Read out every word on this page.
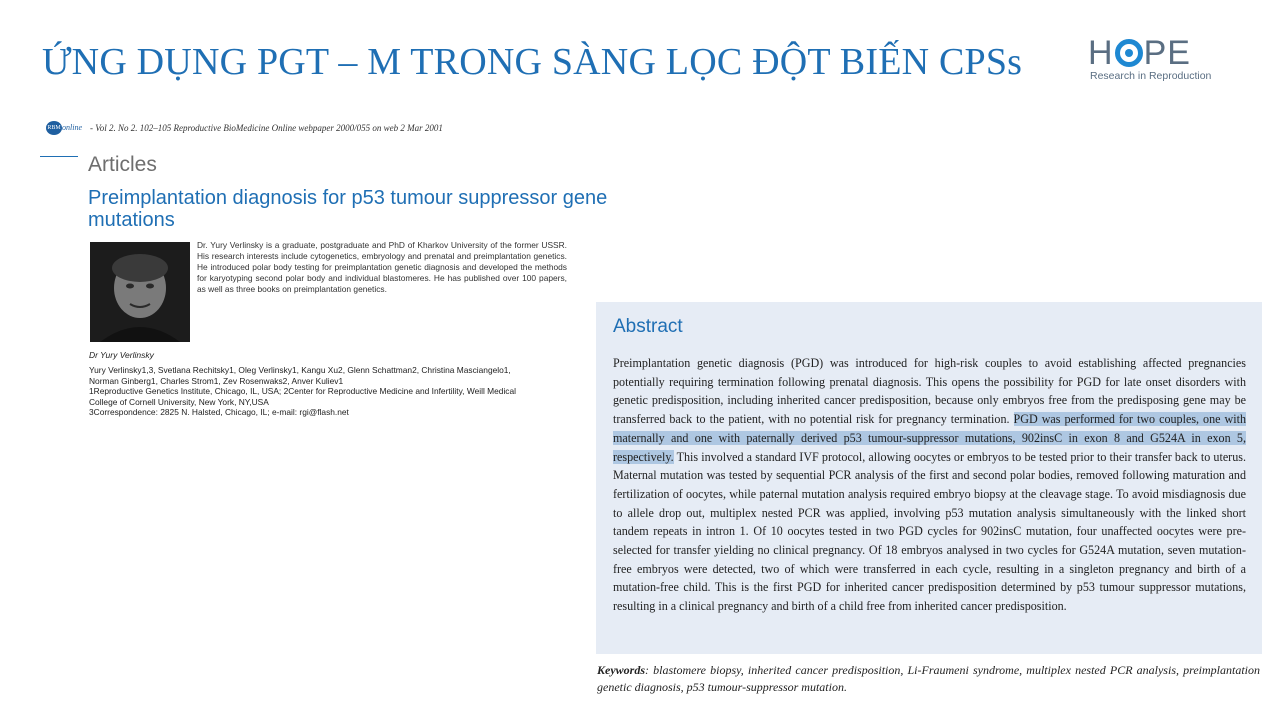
ỨNG DỤNG PGT – M TRONG SÀNG LỌC ĐỘT BIẾN CPSs H PE
Research in Reproduction
RBMonline - Vol 2. No 2. 102–105 Reproductive BioMedicine Online webpaper 2000/055 on web 2 Mar 2001
Articles
Preimplantation diagnosis for p53 tumour suppressor gene mutations
Dr. Yury Verlinsky is a graduate, postgraduate and PhD of Kharkov University of the former USSR. His research interests include cytogenetics, embryology and prenatal and preimplantation genetics. He introduced polar body testing for preimplantation genetic diagnosis and developed the methods for karyotyping second polar body and individual blastomeres. He has published over 100 papers, as well as three books on preimplantation genetics.
Dr Yury Verlinsky

Yury Verlinsky1,3, Svetlana Rechitsky1, Oleg Verlinsky1, Kangu Xu2, Glenn Schattman2, Christina Masciangelo1,

Norman Ginberg1, Charles Strom1, Zev Rosenwaks2, Anver Kuliev1

1Reproductive Genetics Institute, Chicago, IL, USA; 2Center for Reproductive Medicine and Infertility, Weill Medical

College of Cornell University, New York, NY,USA

3Correspondence: 2825 N. Halsted, Chicago, IL; e-mail: rgi@flash.net

Abstract
Preimplantation genetic diagnosis (PGD) was introduced for high-risk couples to avoid establishing affected pregnancies potentially requiring termination following prenatal diagnosis. This opens the possibility for PGD for late onset disorders with genetic predisposition, including inherited cancer predisposition, because only embryos free from the predisposing gene may be transferred back to the patient, with no potential risk for pregnancy termination. PGD was performed for two couples, one with maternally and one with paternally derived p53 tumour-suppressor mutations, 902insC in exon 8 and G524A in exon 5, respectively. This involved a standard IVF protocol, allowing oocytes or embryos to be tested prior to their transfer back to uterus. Maternal mutation was tested by sequential PCR analysis of the first and second polar bodies, removed following maturation and fertilization of oocytes, while paternal mutation analysis required embryo biopsy at the cleavage stage. To avoid misdiagnosis due to allele drop out, multiplex nested PCR was applied, involving p53 mutation analysis simultaneously with the linked short tandem repeats in intron 1. Of 10 oocytes tested in two PGD cycles for 902insC mutation, four unaffected oocytes were pre-selected for transfer yielding no clinical pregnancy. Of 18 embryos analysed in two cycles for G524A mutation, seven mutation-free embryos were detected, two of which were transferred in each cycle, resulting in a singleton pregnancy and birth of a mutation-free child. This is the first PGD for inherited cancer predisposition determined by p53 tumour suppressor mutations, resulting in a clinical pregnancy and birth of a child free from inherited cancer predisposition.
Keywords: blastomere biopsy, inherited cancer predisposition, Li-Fraumeni syndrome, multiplex nested PCR analysis, preimplantation genetic diagnosis, p53 tumour-suppressor mutation.
